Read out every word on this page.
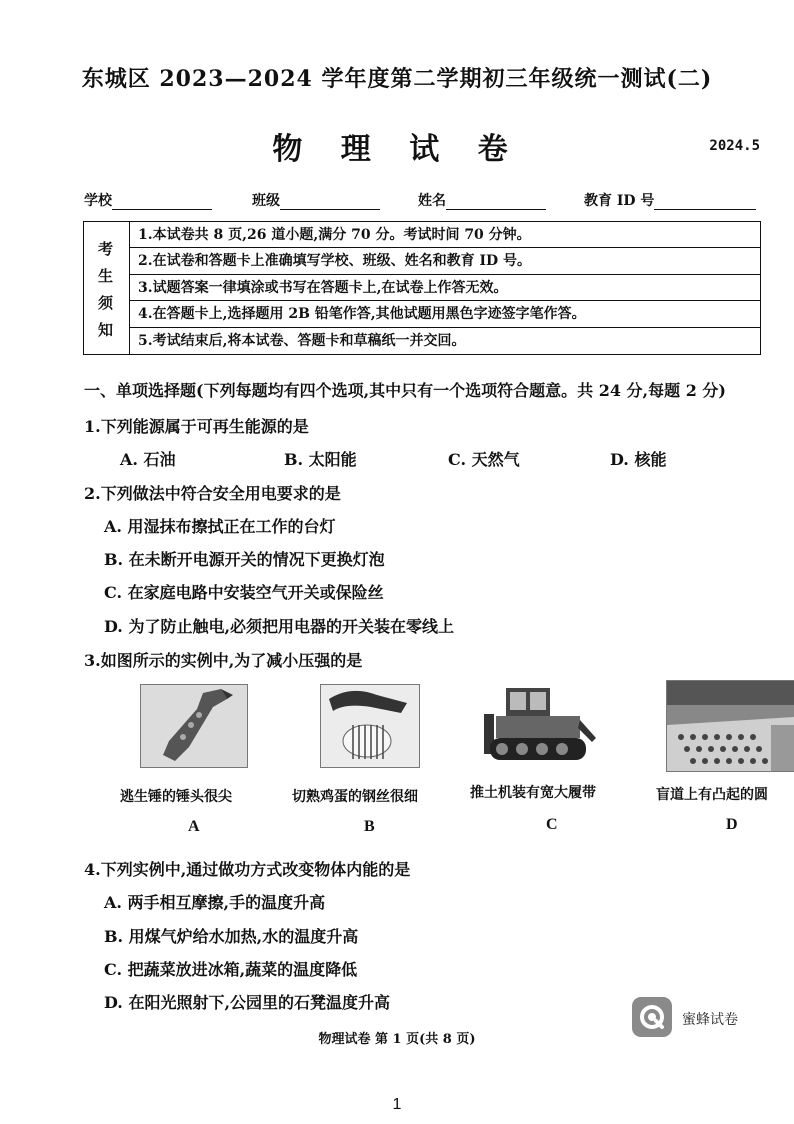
东城区 2023—2024 学年度第二学期初三年级统一测试(二)
物 理 试 卷	2024.5
学校	班级	姓名	教育 ID 号
考
生
须
知
1.本试卷共 8 页,26 道小题,满分 70 分。考试时间 70 分钟。
2.在试卷和答题卡上准确填写学校、班级、姓名和教育 ID 号。
3.试题答案一律填涂或书写在答题卡上,在试卷上作答无效。
4.在答题卡上,选择题用 2B 铅笔作答,其他试题用黑色字迹签字笔作答。
5.考试结束后,将本试卷、答题卡和草稿纸一并交回。
一、单项选择题(下列每题均有四个选项,其中只有一个选项符合题意。共 24 分,每题 2 分)
1.下列能源属于可再生能源的是
A. 石油	B. 太阳能	C. 天然气	D. 核能
2.下列做法中符合安全用电要求的是
A. 用湿抹布擦拭正在工作的台灯
B. 在未断开电源开关的情况下更换灯泡
C. 在家庭电路中安装空气开关或保险丝
D. 为了防止触电,必须把用电器的开关装在零线上
3.如图所示的实例中,为了减小压强的是
逃生锤的锤头很尖
A
切熟鸡蛋的钢丝很细
B
推土机装有宽大履带
C
盲道上有凸起的圆
D
4.下列实例中,通过做功方式改变物体内能的是
A. 两手相互摩擦,手的温度升高
B. 用煤气炉给水加热,水的温度升高
C. 把蔬菜放进冰箱,蔬菜的温度降低
D. 在阳光照射下,公园里的石凳温度升高
蜜蜂试卷
物理试卷 第 1 页(共 8 页)
1
